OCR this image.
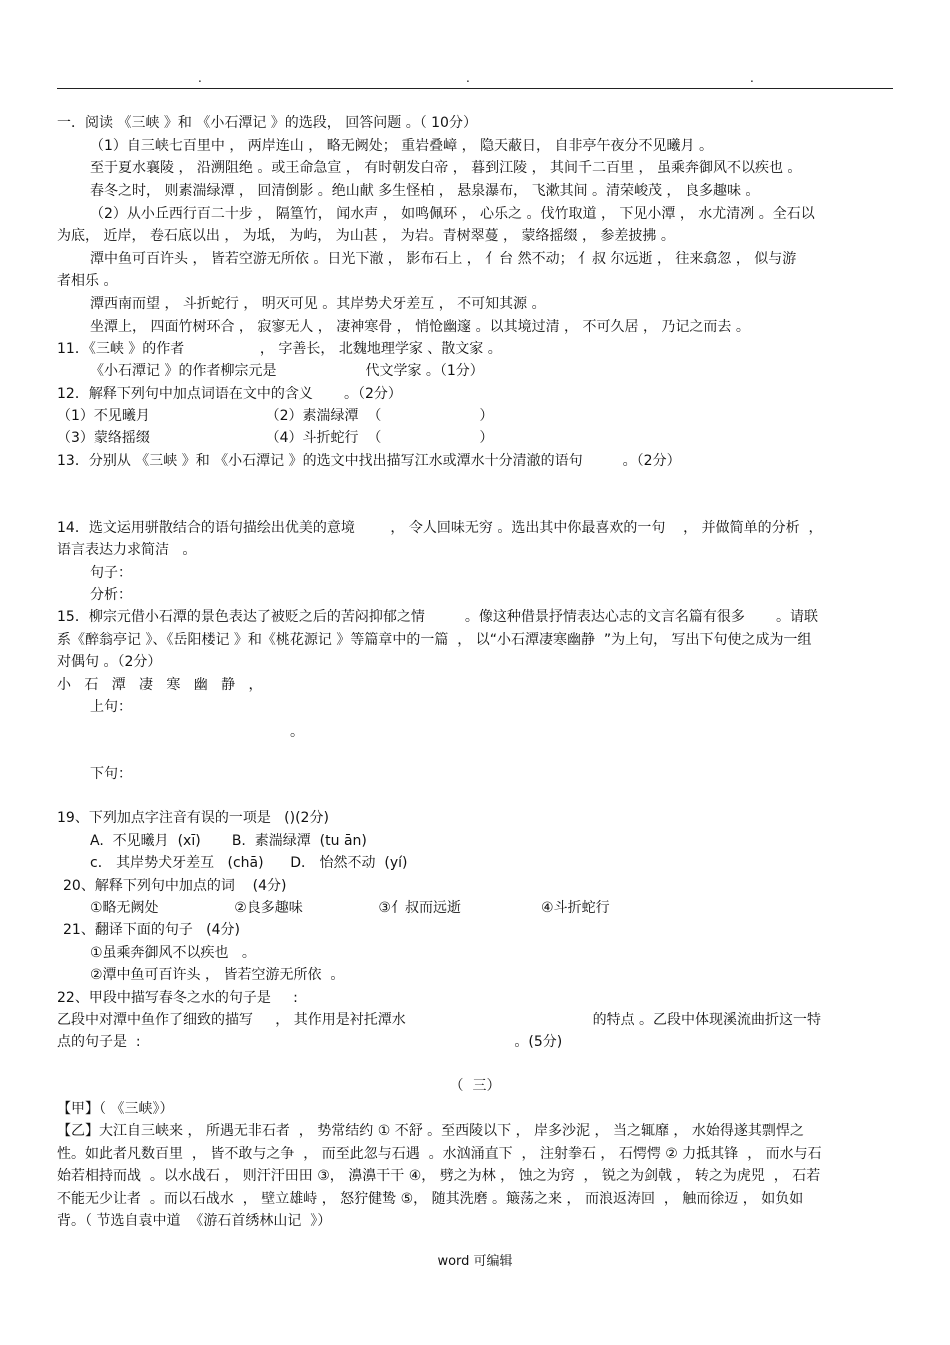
.	.	.
一．阅读 《三峡 》和 《小石潭记 》的选段， 回答问题 。（ 10分）
（1）自三峡七百里中 ， 两岸连山 ， 略无阙处； 重岩叠嶂 ， 隐天蔽日， 自非亭午夜分不见曦月 。
至于夏水襄陵 ， 沿溯阻绝 。或王命急宣 ， 有时朝发白帝 ， 暮到江陵 ， 其间千二百里 ， 虽乘奔御风不以疾也 。
春冬之时， 则素湍绿潭 ， 回清倒影 。绝山献 多生怪柏 ， 悬泉瀑布， 飞漱其间 。清荣峻茂 ， 良多趣味 。
（2）从小丘西行百二十步 ， 隔篁竹， 闻水声 ， 如鸣佩环 ， 心乐之 。伐竹取道 ， 下见小潭 ， 水尤清冽 。全石以
为底， 近岸， 卷石底以出 ， 为坻， 为屿， 为山甚 ， 为岩。青树翠蔓 ， 蒙络摇缀 ， 参差披拂 。
潭中鱼可百许头 ， 皆若空游无所依 。日光下澈 ， 影布石上 ， 亻台 然不动； 亻叔 尔远逝 ， 往来翕忽 ， 似与游
者相乐 。
潭西南而望 ， 斗折蛇行 ， 明灭可见 。其岸势犬牙差互 ， 不可知其源 。
坐潭上， 四面竹树环合 ， 寂寥无人 ， 凄神寒骨 ， 悄怆幽邃 。以其境过清 ， 不可久居 ， 乃记之而去 。
11．《三峡 》的作者                 ， 字善长， 北魏地理学家 、散文家 。
《小石潭记 》的作者柳宗元是                    代文学家 。（1分）
12．解释下列句中加点词语在文中的含义       。（2分）
（1）不见曦月                          （2）素湍绿潭  （                      ）
（3）蒙络摇缀                          （4）斗折蛇行  （                      ）
13．分别从 《三峡 》和 《小石潭记 》的选文中找出描写江水或潭水十分清澈的语句         。（2分）
14．选文运用骈散结合的语句描绘出优美的意境        ， 令人回味无穷 。选出其中你最喜欢的一句    ， 并做简单的分析  ，
语言表达力求简洁   。
句子：
分析：
15．柳宗元借小石潭的景色表达了被贬之后的苦闷抑郁之情         。像这种借景抒情表达心志的文言名篇有很多       。请联
系《醉翁亭记 》、《岳阳楼记 》和《桃花源记 》等篇章中的一篇  ， 以“小石潭凄寒幽静  ”为上句， 写出下句使之成为一组
对偶句 。（2分）
小   石   潭   凄   寒   幽   静   ，
上句：
。
下句：
19、下列加点字注音有误的一项是   ()(2分)
A.  不见曦月  (xī)       B.  素湍绿潭  (tu ān)
c． 其岸势犬牙差互   (chā)      D． 怡然不动  (yí)
20、解释下列句中加点的词    (4分)
①略无阙处                 ②良多趣味                 ③亻叔而远逝                  ④斗折蛇行
21、翻译下面的句子   (4分)
①虽乘奔御风不以疾也   。
②潭中鱼可百许头 ， 皆若空游无所依  。
22、甲段中描写春冬之水的句子是     :
乙段中对潭中鱼作了细致的描写     ， 其作用是衬托潭水                                          的特点 。乙段中体现溪流曲折这一特
点的句子是  :                                                                                    。(5分)
（  三）
【甲】（ 《三峡》）
【乙】大江自三峡来 ， 所遇无非石者  ， 势常结约 ① 不舒 。至西陵以下 ， 岸多沙泥 ， 当之辄靡 ， 水始得遂其剽悍之
性。如此者凡数百里  ， 皆不敢与之争  ， 而至此忽与石遇  。水汹涌直下  ， 注射拳石 ， 石愕愕 ② 力抵其锋  ， 而水与石
始若相持而战  。以水战石 ， 则汗汗田田 ③， 濞濞干干 ④， 劈之为林 ， 蚀之为窍  ， 锐之为剑戟 ， 转之为虎兕  ， 石若
不能无少让者  。而以石战水  ， 壁立雄峙 ， 怒狞健鸷 ⑤， 随其洗磨 。簸荡之来 ， 而浪返涛回  ， 触而徐迈 ， 如负如
背。（ 节选自袁中道  《游石首绣林山记  》）
word 可编辑
